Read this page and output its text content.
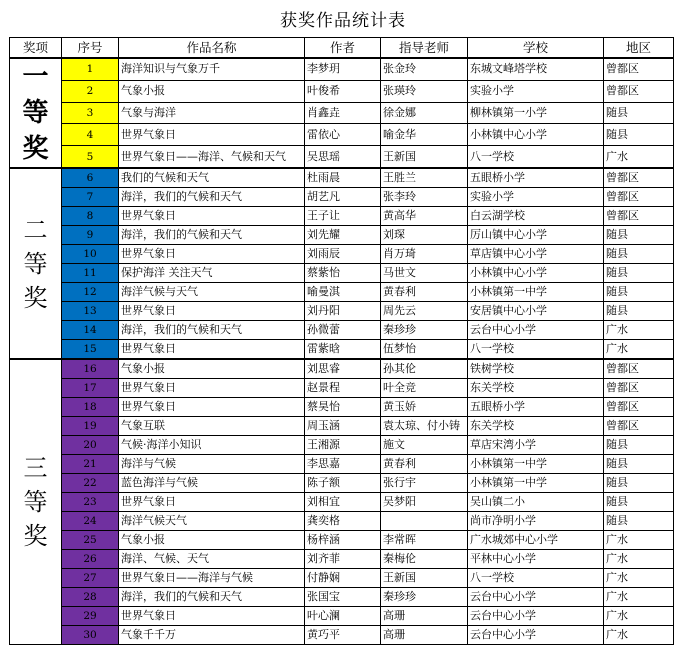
获奖作品统计表
奖项	序号	作品名称	作者	指导老师	学校	地区
一等奖	1	海洋知识与气象万千	李梦玥	张金玲	东城文峰塔学校	曾都区
	2	气象小报	叶俊希	张瑛玲	实验小学	曾都区
	3	气象与海洋	肖鑫垚	徐金娜	柳林镇第一小学	随县
	4	世界气象日	雷依心	喻金华	小林镇中心小学	随县
	5	世界气象日——海洋、气候和天气	吴思瑶	王新国	八一学校	广水
二等奖	6	我们的气候和天气	杜雨晨	王胜兰	五眼桥小学	曾都区
	7	海洋，我们的气候和天气	胡艺凡	张李玲	实验小学	曾都区
	8	世界气象日	王子让	黄高华	白云湖学校	曾都区
	9	海洋，我们的气候和天气	刘先耀	刘琛	厉山镇中心小学	随县
	10	世界气象日	刘雨辰	肖万琦	草店镇中心小学	随县
	11	保护海洋 关注天气	蔡紫怡	马世文	小林镇中心小学	随县
	12	海洋气候与天气	喻曼淇	黄春利	小林镇第一中学	随县
	13	世界气象日	刘丹阳	周先云	安居镇中心小学	随县
	14	海洋，我们的气候和天气	孙微蕾	秦珍珍	云台中心小学	广水
	15	世界气象日	雷紫晗	伍梦怡	八一学校	广水
三等奖	16	气象小报	刘思睿	孙其伦	铁树学校	曾都区
	17	世界气象日	赵景程	叶全竞	东关学校	曾都区
	18	世界气象日	蔡昊怡	黄玉娇	五眼桥小学	曾都区
	19	气象互联	周玉涵	袁太琼、付小铸	东关学校	曾都区
	20	气候·海洋小知识	王湘源	施文	草店宋湾小学	随县
	21	海洋与气候	李思嘉	黄春利	小林镇第一中学	随县
	22	蓝色海洋与气候	陈子额	张行宇	小林镇第一中学	随县
	23	世界气象日	刘相宜	吴梦阳	吴山镇二小	随县
	24	海洋气候天气	龚奕格		尚市净明小学	随县
	25	气象小报	杨梓涵	李常晖	广水城郊中心小学	广水
	26	海洋、气候、天气	刘齐菲	秦梅伦	平林中心小学	广水
	27	世界气象日——海洋与气候	付静娴	王新国	八一学校	广水
	28	海洋，我们的气候和天气	张国宝	秦珍珍	云台中心小学	广水
	29	世界气象日	叶心澜	高珊	云台中心小学	广水
	30	气象千千万	黄巧平	高珊	云台中心小学	广水
